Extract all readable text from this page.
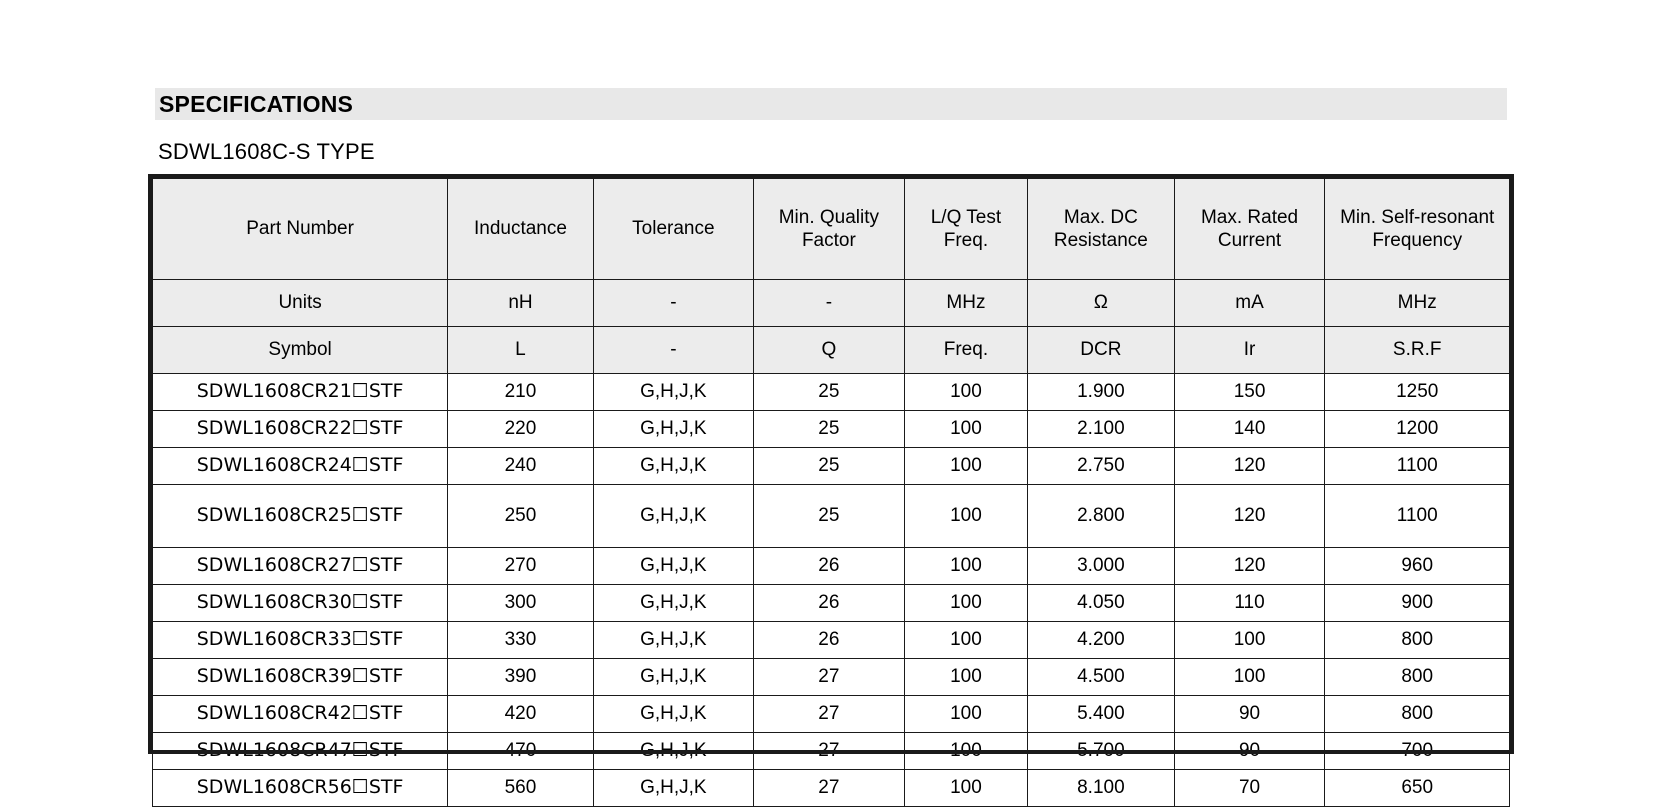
SPECIFICATIONS
SDWL1608C-S TYPE
Part Number	Inductance	Tolerance	Min. Quality Factor	L/Q Test Freq.	Max. DC Resistance	Max. Rated Current	Min. Self-resonant Frequency
Units	nH	-	-	MHz	Ω	mA	MHz
Symbol	L	-	Q	Freq.	DCR	Ir	S.R.F
SDWL1608CR21☐STF	210	G,H,J,K	25	100	1.900	150	1250
SDWL1608CR22☐STF	220	G,H,J,K	25	100	2.100	140	1200
SDWL1608CR24☐STF	240	G,H,J,K	25	100	2.750	120	1100
SDWL1608CR25☐STF	250	G,H,J,K	25	100	2.800	120	1100
SDWL1608CR27☐STF	270	G,H,J,K	26	100	3.000	120	960
SDWL1608CR30☐STF	300	G,H,J,K	26	100	4.050	110	900
SDWL1608CR33☐STF	330	G,H,J,K	26	100	4.200	100	800
SDWL1608CR39☐STF	390	G,H,J,K	27	100	4.500	100	800
SDWL1608CR42☐STF	420	G,H,J,K	27	100	5.400	90	800
SDWL1608CR47☐STF	470	G,H,J,K	27	100	5.700	90	700
SDWL1608CR56☐STF	560	G,H,J,K	27	100	8.100	70	650
